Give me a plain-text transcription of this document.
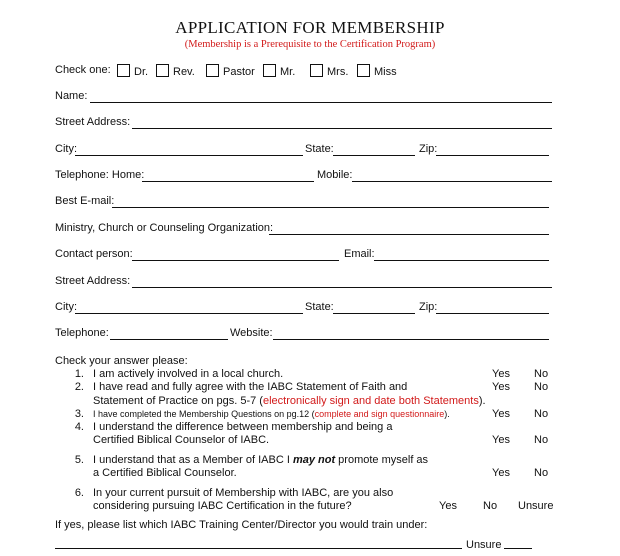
APPLICATION FOR MEMBERSHIP
(Membership is a Prerequisite to the Certification Program)
Check one:	Dr.	Rev.	Pastor	Mr.	Mrs.	Miss
Name:
Street Address:
City:	State:	Zip:
Telephone: Home:	Mobile:
Best E-mail:
Ministry, Church or Counseling Organization:
Contact person:	Email:
Street Address:
City:	State:	Zip:
Telephone:	Website:
Check your answer please:
1. I am actively involved in a local church.	Yes No
2. I have read and fully agree with the IABC Statement of Faith and
Statement of Practice on pgs. 5-7 (electronically sign and date both Statements).
Yes No
3. I have completed the Membership Questions on pg.12 (complete and sign questionnaire).	Yes No
4. I understand the difference between membership and being a
Certified Biblical Counselor of IABC.	Yes No
5. I understand that as a Member of IABC I may not promote myself as
a Certified Biblical Counselor.	Yes No
6. In your current pursuit of Membership with IABC, are you also
considering pursuing IABC Certification in the future?	Yes No Unsure
If yes, please list which IABC Training Center/Director you would train under:
Unsure
